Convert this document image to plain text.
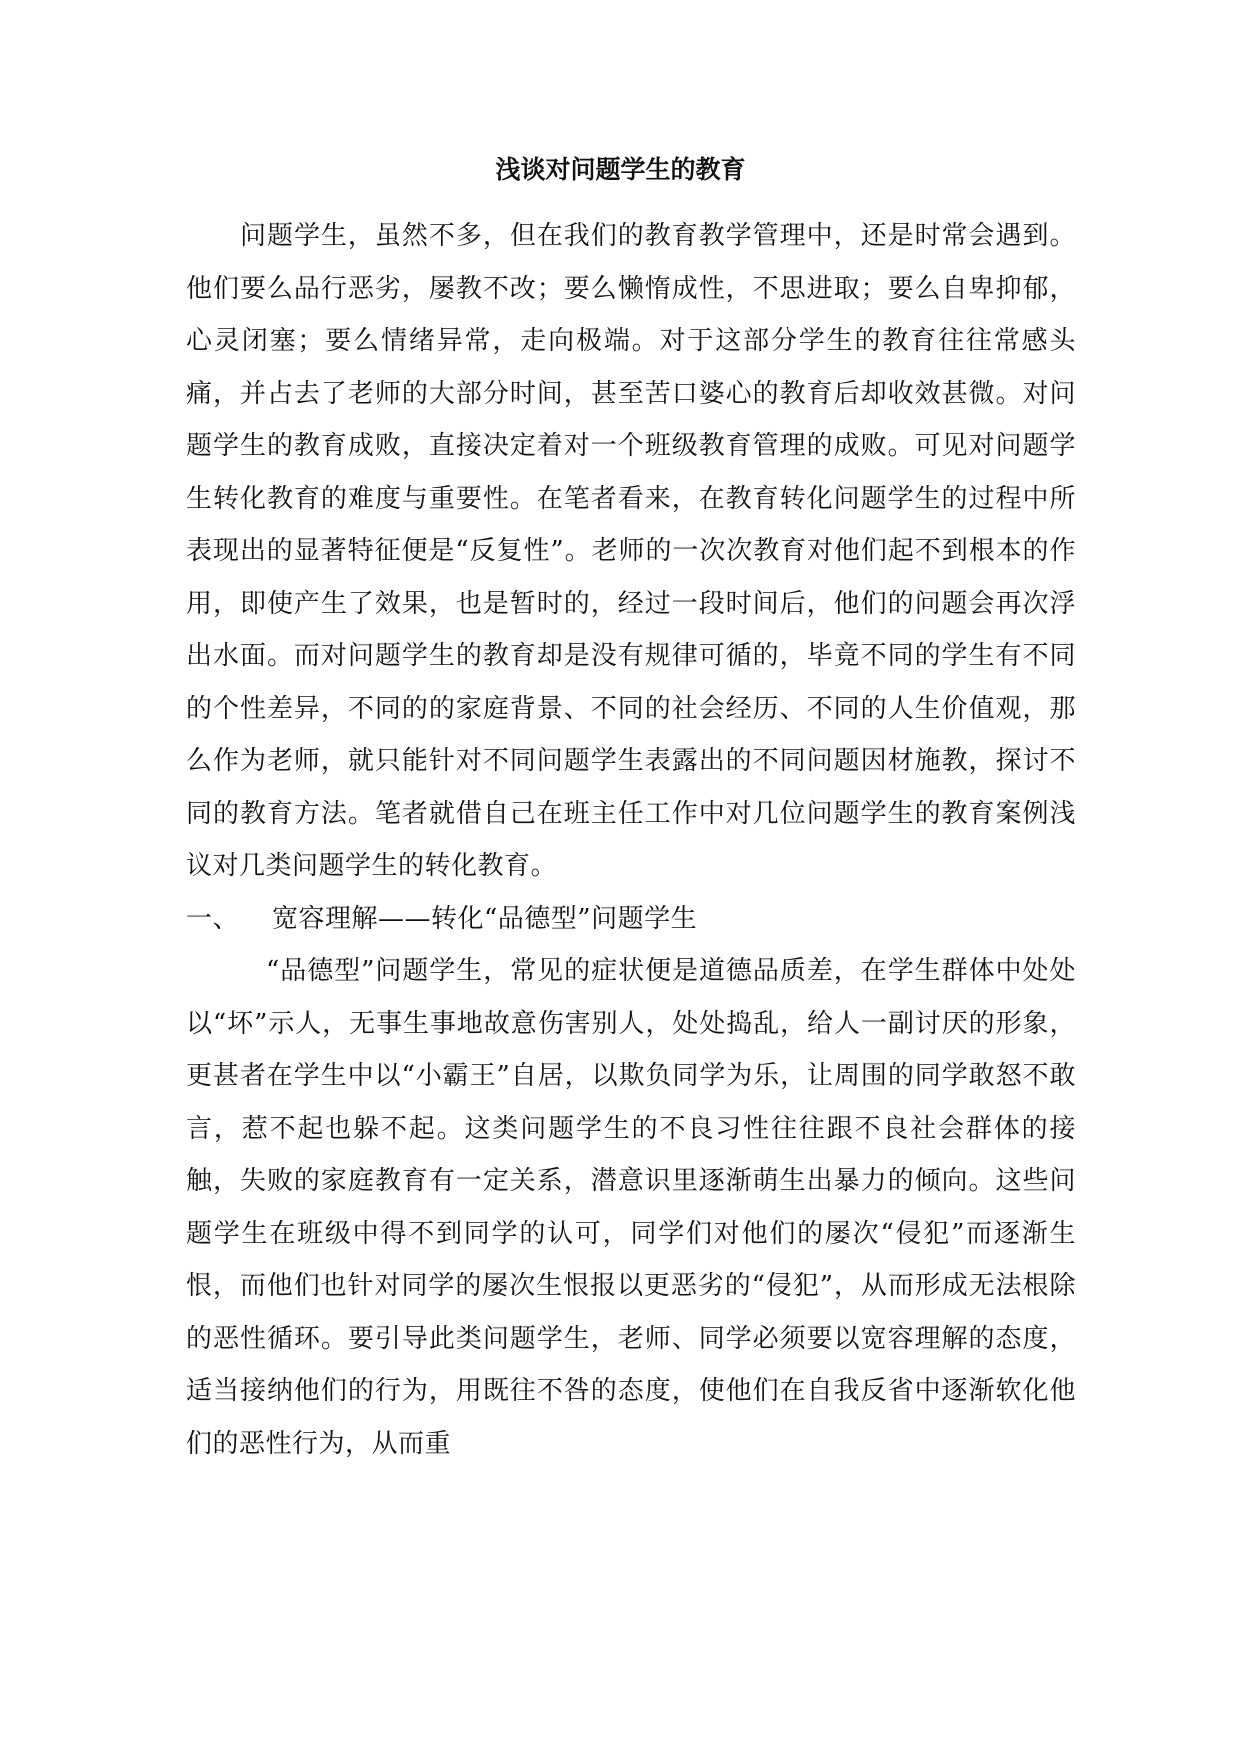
浅谈对问题学生的教育

问题学生，虽然不多，但在我们的教育教学管理中，还是时常会遇到。他们要么品行恶劣，屡教不改；要么懒惰成性，不思进取；要么自卑抑郁，心灵闭塞；要么情绪异常，走向极端。对于这部分学生的教育往往常感头痛，并占去了老师的大部分时间，甚至苦口婆心的教育后却收效甚微。对问题学生的教育成败，直接决定着对一个班级教育管理的成败。可见对问题学生转化教育的难度与重要性。在笔者看来，在教育转化问题学生的过程中所表现出的显著特征便是“反复性”。老师的一次次教育对他们起不到根本的作用，即使产生了效果，也是暂时的，经过一段时间后，他们的问题会再次浮出水面。而对问题学生的教育却是没有规律可循的，毕竟不同的学生有不同的个性差异，不同的的家庭背景、不同的社会经历、不同的人生价值观，那么作为老师，就只能针对不同问题学生表露出的不同问题因材施教，探讨不同的教育方法。笔者就借自己在班主任工作中对几位问题学生的教育案例浅议对几类问题学生的转化教育。

一、	宽容理解——转化“品德型”问题学生

“品德型”问题学生，常见的症状便是道德品质差，在学生群体中处处以“坏”示人，无事生事地故意伤害别人，处处捣乱，给人一副讨厌的形象，更甚者在学生中以“小霸王”自居，以欺负同学为乐，让周围的同学敢怒不敢言，惹不起也躲不起。这类问题学生的不良习性往往跟不良社会群体的接触，失败的家庭教育有一定关系，潜意识里逐渐萌生出暴力的倾向。这些问题学生在班级中得不到同学的认可，同学们对他们的屡次“侵犯”而逐渐生恨，而他们也针对同学的屡次生恨报以更恶劣的“侵犯”，从而形成无法根除的恶性循环。要引导此类问题学生，老师、同学必须要以宽容理解的态度，适当接纳他们的行为，用既往不咎的态度，使他们在自我反省中逐渐软化他们的恶性行为，从而重
